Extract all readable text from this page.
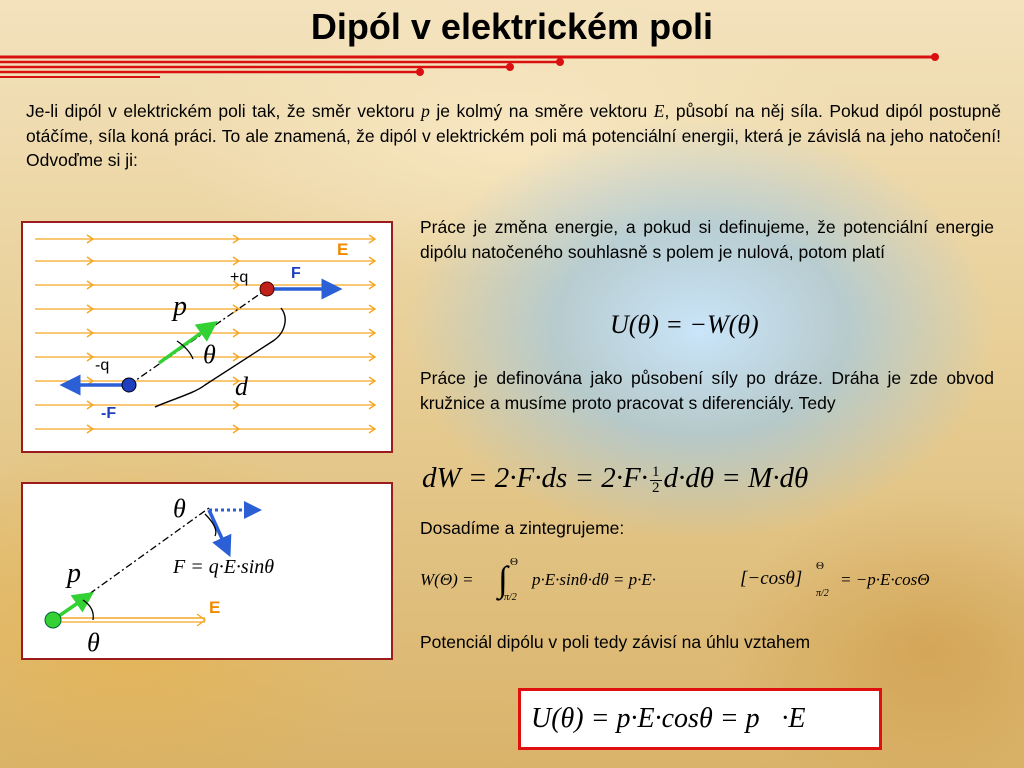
Dipól v elektrickém poli
Je-li dipól v elektrickém poli tak, že směr vektoru p je kolmý na směre vektoru E, působí na něj síla. Pokud dipól postupně otáčíme, síla koná práci. To ale znamená, že dipól v elektrickém poli má potenciální energii, která je závislá na jeho natočení! Odvoďme si ji:
E
F
+q
-q
-F
p⃗
θ
d
θ
p⃗	F = q·E·sinθ
E
θ
Práce je změna energie, a pokud si definujeme, že potenciální energie dipólu natočeného souhlasně s polem je nulová, potom platí
U(θ) = −W(θ)
Práce je definována jako působení síly po dráze. Dráha je zde obvod kružnice a musíme proto pracovat s diferenciály. Tedy
dW = $2\cdot F\cdot ds = 2\cdot F\cdot \frac{1}{2} d\cdot d\theta = M\cdot d\theta$
Dosadíme a zintegrujeme:
W(Θ) = ∫ Θ
π/2
p·E·sinθ·dθ = p·E·	[−cosθ]
Θ
π/2
= −p·E·cosΘ
Potenciál dipólu v poli tedy závisí na úhlu vztahem
U(θ) = p·E·cosθ = p⃗·E⃗
